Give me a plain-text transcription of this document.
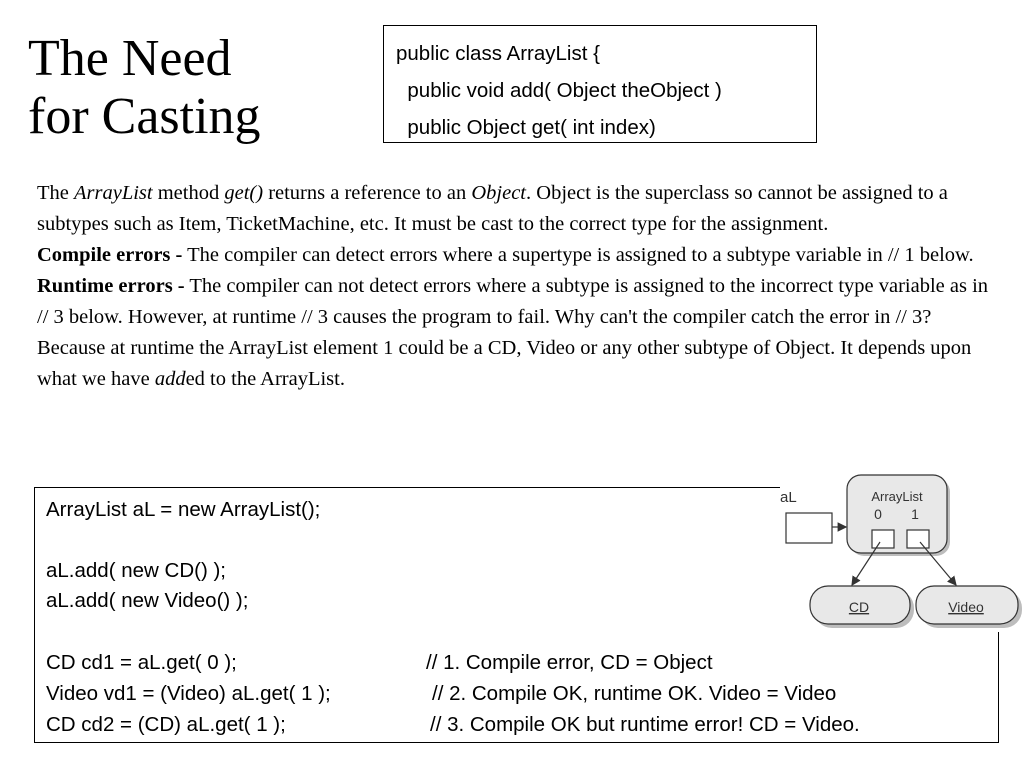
The Need
for Casting
public class ArrayList {
public void add( Object theObject )
public Object get( int index)

The ArrayList method get() returns a reference to an Object. Object is the superclass so cannot be assigned to a subtypes such as Item, TicketMachine, etc. It must be cast to the correct type for the assignment.

Compile errors - The compiler can detect errors where a supertype is assigned to a subtype variable in // 1 below.

Runtime errors - The compiler can not detect errors where a subtype is assigned to the incorrect type variable as in // 3 below. However, at runtime // 3 causes the program to fail. Why can't the compiler catch the error in // 3? Because at runtime the ArrayList element 1 could be a CD, Video or any other subtype of Object. It depends upon what we have added to the ArrayList.

ArrayList aL = new ArrayList();
aL.add( new CD() );
aL.add( new Video() );
CD cd1 = aL.get( 0 );	// 1. Compile error, CD = Object
Video vd1 = (Video) aL.get( 1 );	// 2. Compile OK, runtime OK. Video = Video
CD cd2 = (CD) aL.get( 1 );	// 3. Compile OK but runtime error! CD = Video.
aL	ArrayList
0 1
CD	Video
